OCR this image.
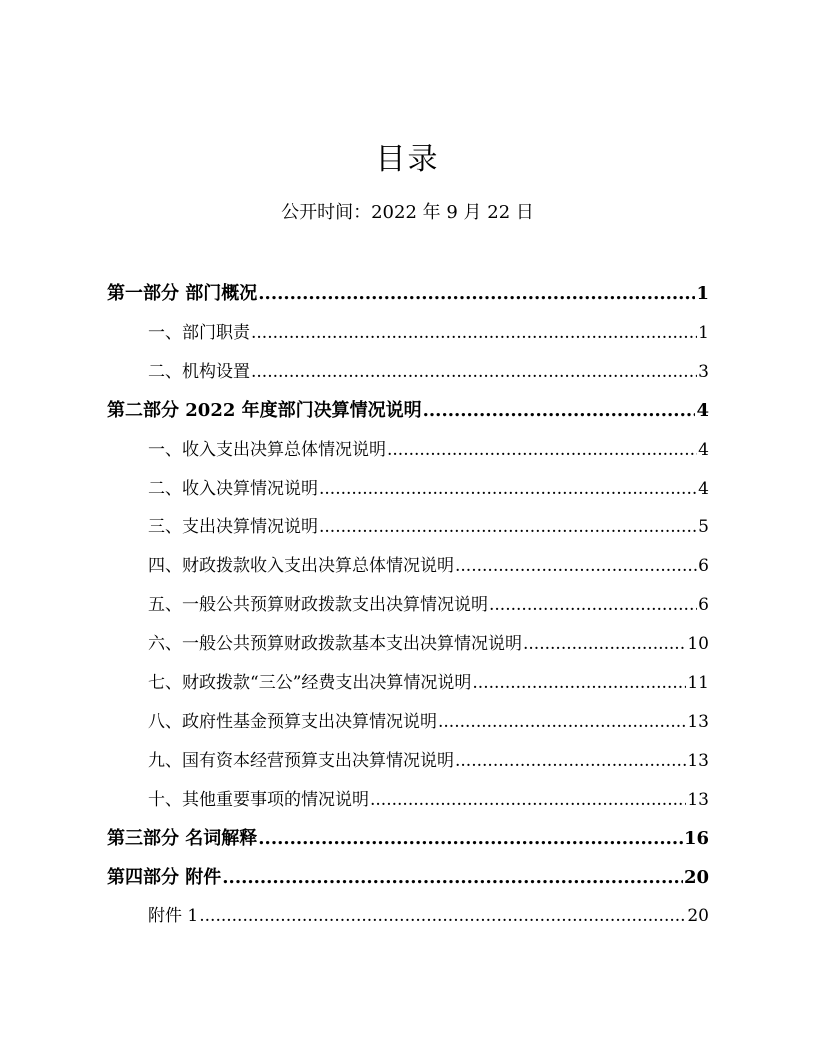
目录
公开时间：2022 年 9 月 22 日
第一部分 部门概况 .....	1
一、部门职责 .....	1
二、机构设置 .....	3
第二部分 2022 年度部门决算情况说明 .....	4
一、收入支出决算总体情况说明 .....	4
二、收入决算情况说明 .....	4
三、支出决算情况说明 .....	5
四、财政拨款收入支出决算总体情况说明 .....	6
五、一般公共预算财政拨款支出决算情况说明 .....	6
六、一般公共预算财政拨款基本支出决算情况说明 .....	10
七、财政拨款“三公”经费支出决算情况说明 .....	11
八、政府性基金预算支出决算情况说明 .....	13
九、国有资本经营预算支出决算情况说明 .....	13
十、其他重要事项的情况说明 .....	13
第三部分 名词解释 .....	16
第四部分 附件 .....	20
附件 1 .....	20
